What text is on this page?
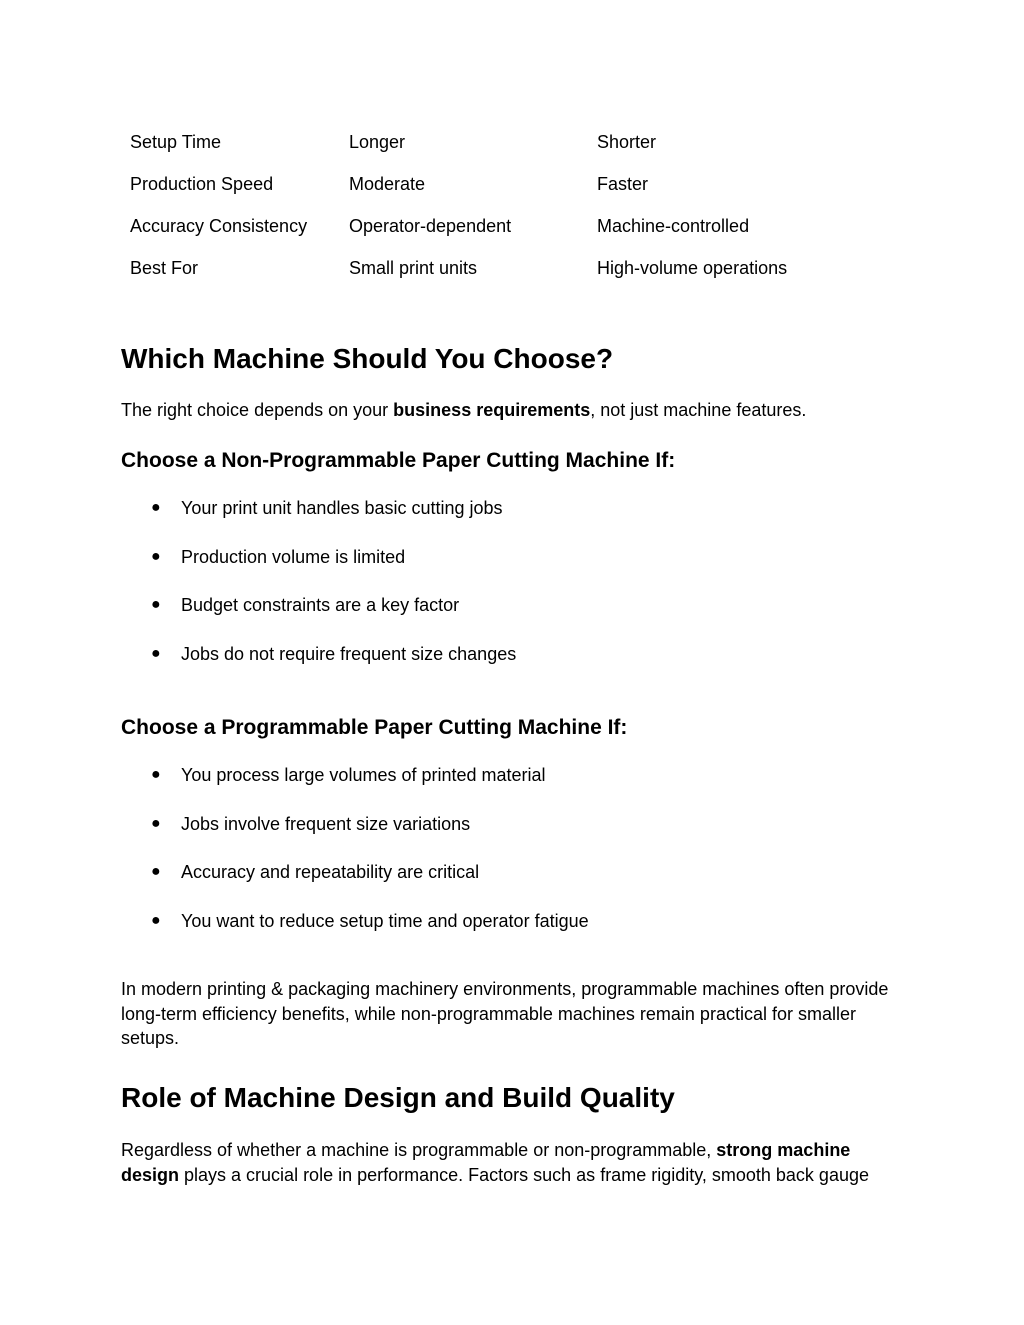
Setup Time	Longer	Shorter
Production Speed	Moderate	Faster
Accuracy Consistency	Operator-dependent	Machine-controlled
Best For	Small print units	High-volume operations
Which Machine Should You Choose?

The right choice depends on your business requirements, not just machine features.

Choose a Non-Programmable Paper Cutting Machine If:
● Your print unit handles basic cutting jobs
● Production volume is limited
● Budget constraints are a key factor
● Jobs do not require frequent size changes
Choose a Programmable Paper Cutting Machine If:
● You process large volumes of printed material
● Jobs involve frequent size variations
● Accuracy and repeatability are critical
● You want to reduce setup time and operator fatigue

In modern printing & packaging machinery environments, programmable machines often provide long-term efficiency benefits, while non-programmable machines remain practical for smaller setups.

Role of Machine Design and Build Quality

Regardless of whether a machine is programmable or non-programmable, strong machine design plays a crucial role in performance. Factors such as frame rigidity, smooth back gauge
